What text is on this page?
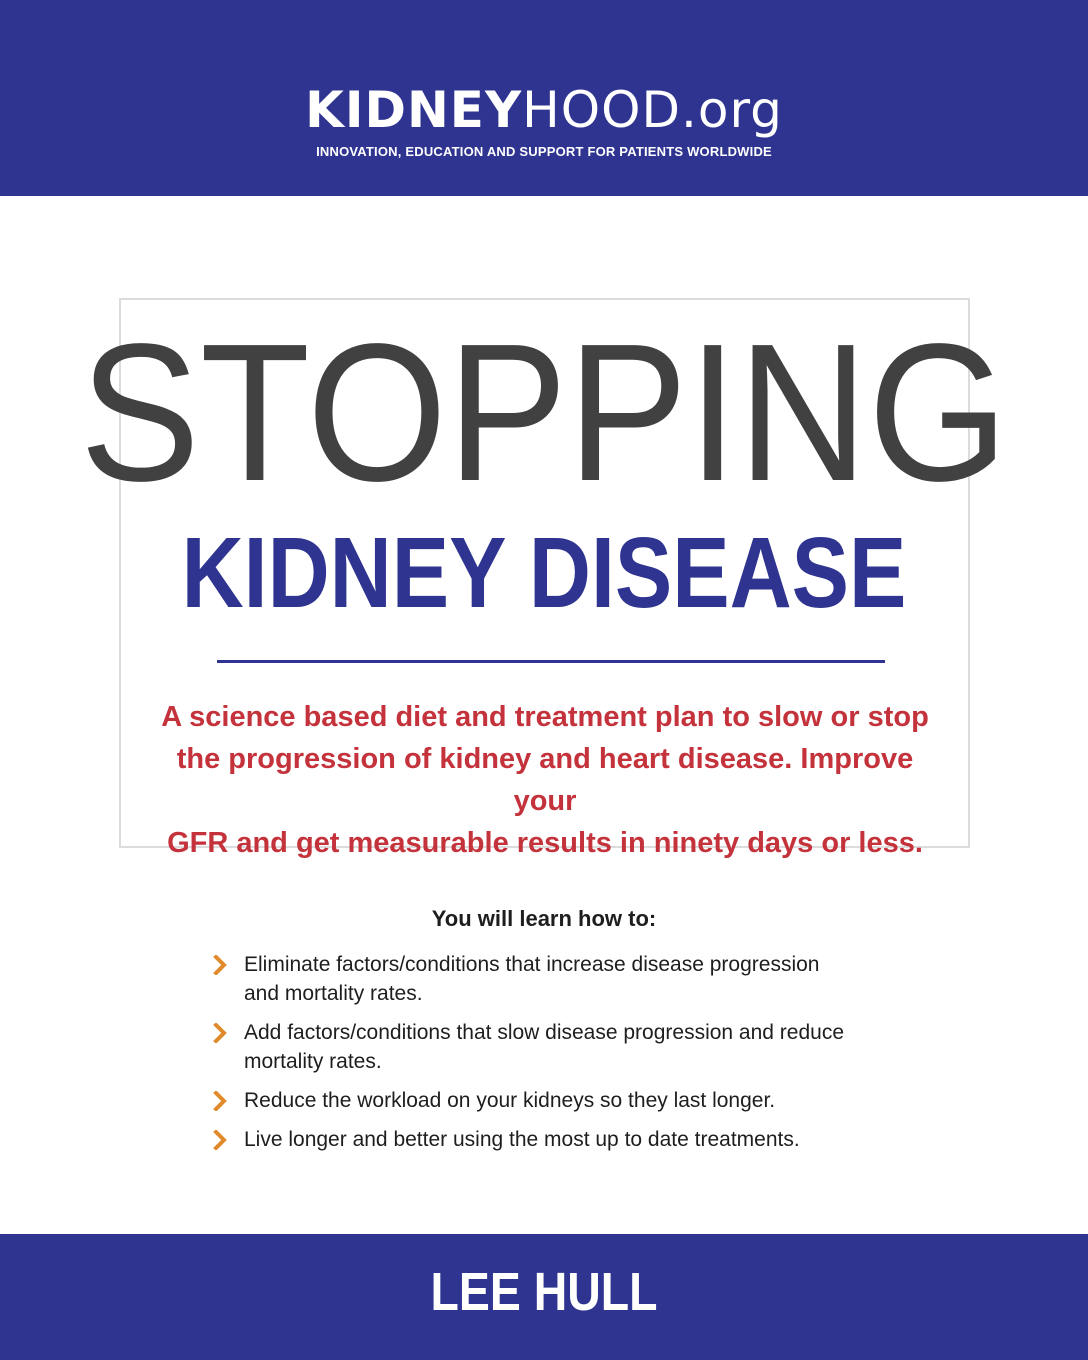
KIDNEYHOOD.org
INNOVATION, EDUCATION AND SUPPORT FOR PATIENTS WORLDWIDE
STOPPING
KIDNEY DISEASE
A science based diet and treatment plan to slow or stop
the progression of kidney and heart disease. Improve your
GFR and get measurable results in ninety days or less.
You will learn how to:
Eliminate factors/conditions that increase disease progression
and mortality rates.
Add factors/conditions that slow disease progression and reduce
mortality rates.
Reduce the workload on your kidneys so they last longer.
Live longer and better using the most up to date treatments.
LEE HULL
